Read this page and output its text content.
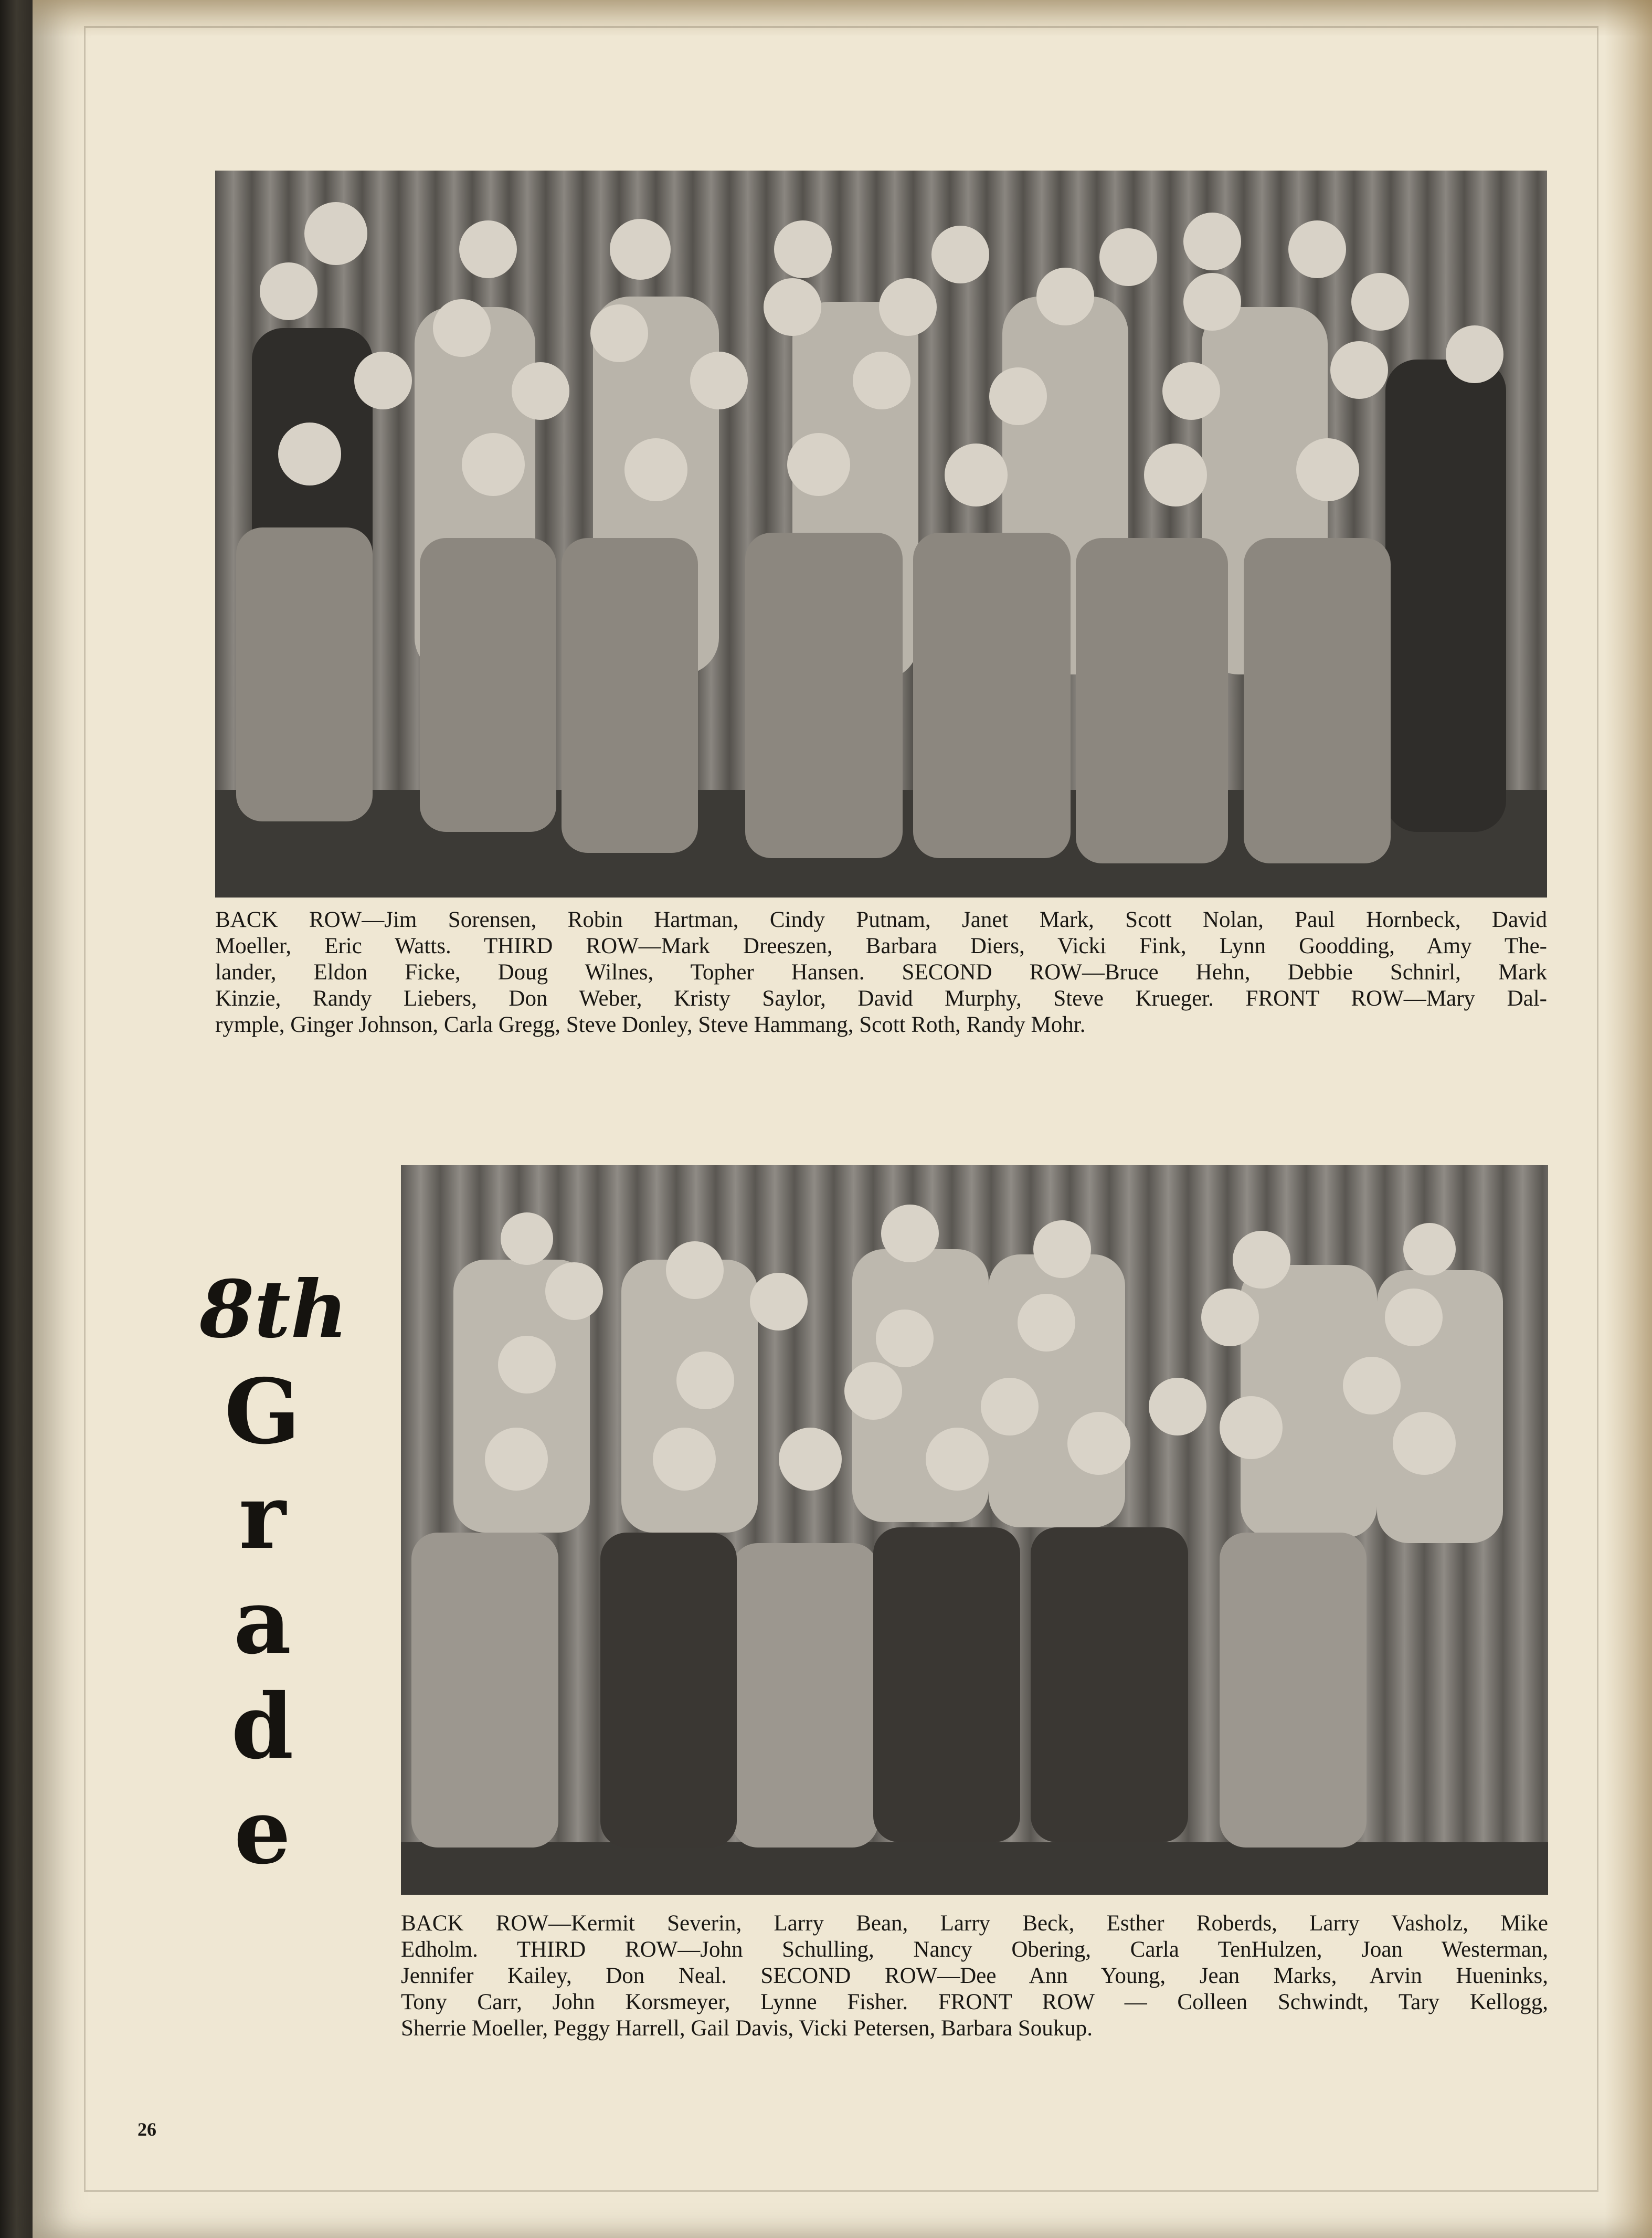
BACK ROW—Jim Sorensen, Robin Hartman, Cindy Putnam, Janet Mark, Scott Nolan, Paul Hornbeck, David
Moeller, Eric Watts. THIRD ROW—Mark Dreeszen, Barbara Diers, Vicki Fink, Lynn Goodding, Amy The-
lander, Eldon Ficke, Doug Wilnes, Topher Hansen. SECOND ROW—Bruce Hehn, Debbie Schnirl, Mark
Kinzie, Randy Liebers, Don Weber, Kristy Saylor, David Murphy, Steve Krueger. FRONT ROW—Mary Dal-
rymple, Ginger Johnson, Carla Gregg, Steve Donley, Steve Hammang, Scott Roth, Randy Mohr.

8th
G
r
a
d
e

BACK ROW—Kermit Severin, Larry Bean, Larry Beck, Esther Roberds, Larry Vasholz, Mike
Edholm. THIRD ROW—John Schulling, Nancy Obering, Carla TenHulzen, Joan Westerman,
Jennifer Kailey, Don Neal. SECOND ROW—Dee Ann Young, Jean Marks, Arvin Hueninks,
Tony Carr, John Korsmeyer, Lynne Fisher. FRONT ROW — Colleen Schwindt, Tary Kellogg,
Sherrie Moeller, Peggy Harrell, Gail Davis, Vicki Petersen, Barbara Soukup.

26
